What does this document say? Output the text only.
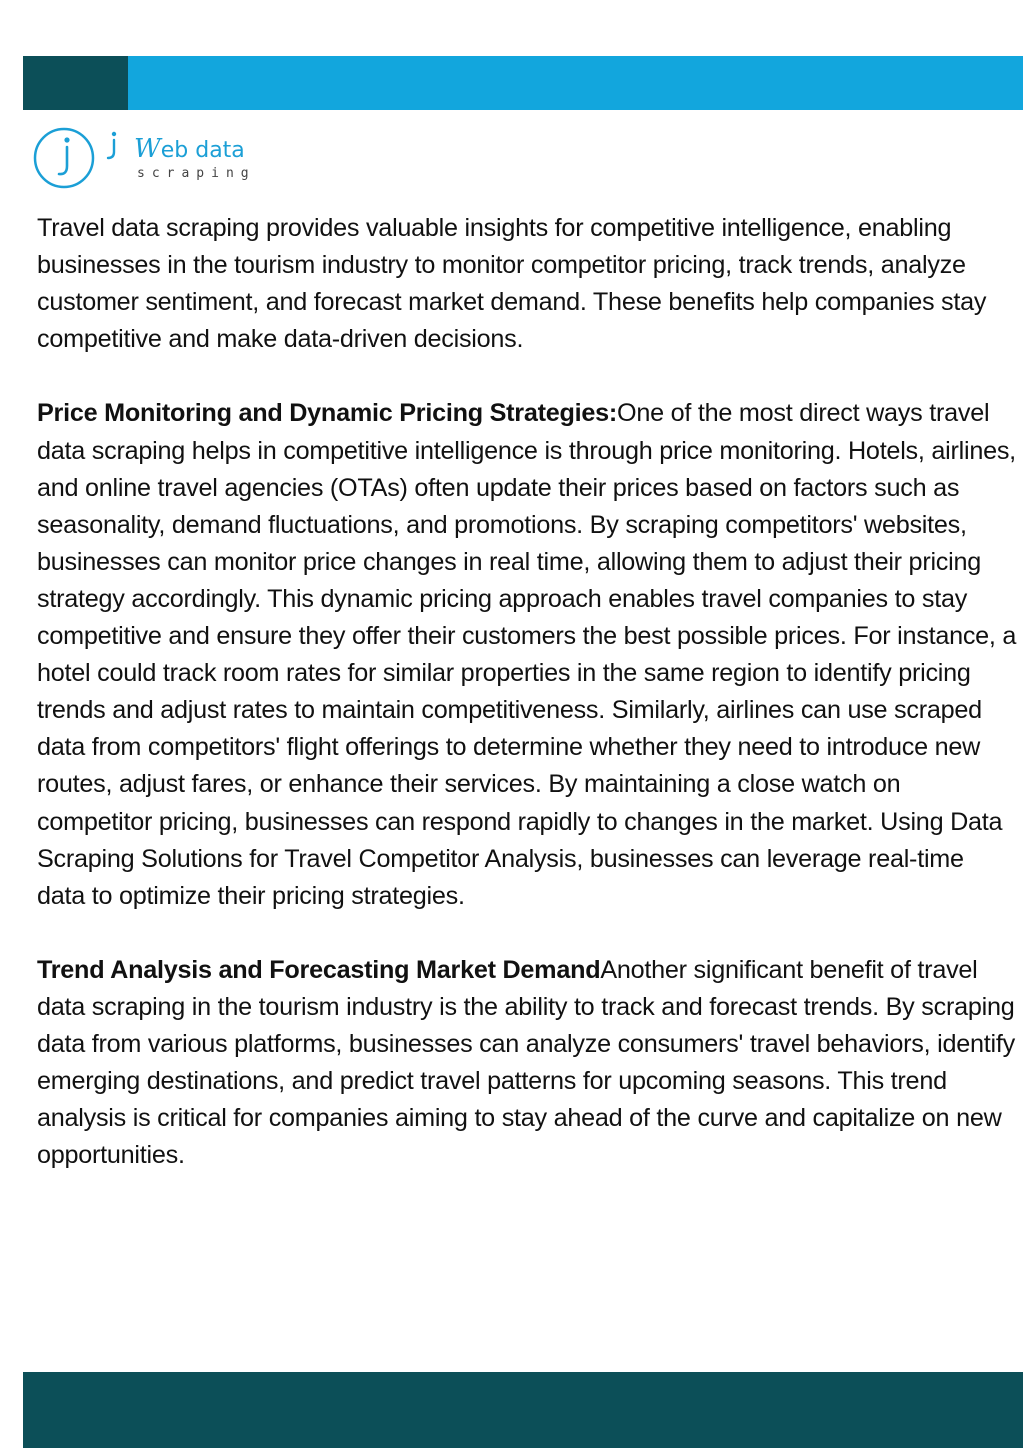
Web data
scraping

Travel data scraping provides valuable insights for competitive intelligence, enabling businesses in the tourism industry to monitor competitor pricing, track trends, analyze customer sentiment, and forecast market demand. These benefits help companies stay competitive and make data-driven decisions.

Price Monitoring and Dynamic Pricing Strategies:One of the most direct ways travel data scraping helps in competitive intelligence is through price monitoring. Hotels, airlines, and online travel agencies (OTAs) often update their prices based on factors such as seasonality, demand fluctuations, and promotions. By scraping competitors' websites, businesses can monitor price changes in real time, allowing them to adjust their pricing strategy accordingly. This dynamic pricing approach enables travel companies to stay competitive and ensure they offer their customers the best possible prices. For instance, a hotel could track room rates for similar properties in the same region to identify pricing trends and adjust rates to maintain competitiveness. Similarly, airlines can use scraped data from competitors' flight offerings to determine whether they need to introduce new routes, adjust fares, or enhance their services. By maintaining a close watch on competitor pricing, businesses can respond rapidly to changes in the market. Using Data Scraping Solutions for Travel Competitor Analysis, businesses can leverage real-time data to optimize their pricing strategies.

Trend Analysis and Forecasting Market DemandAnother significant benefit of travel data scraping in the tourism industry is the ability to track and forecast trends. By scraping data from various platforms, businesses can analyze consumers' travel behaviors, identify emerging destinations, and predict travel patterns for upcoming seasons. This trend analysis is critical for companies aiming to stay ahead of the curve and capitalize on new opportunities.
